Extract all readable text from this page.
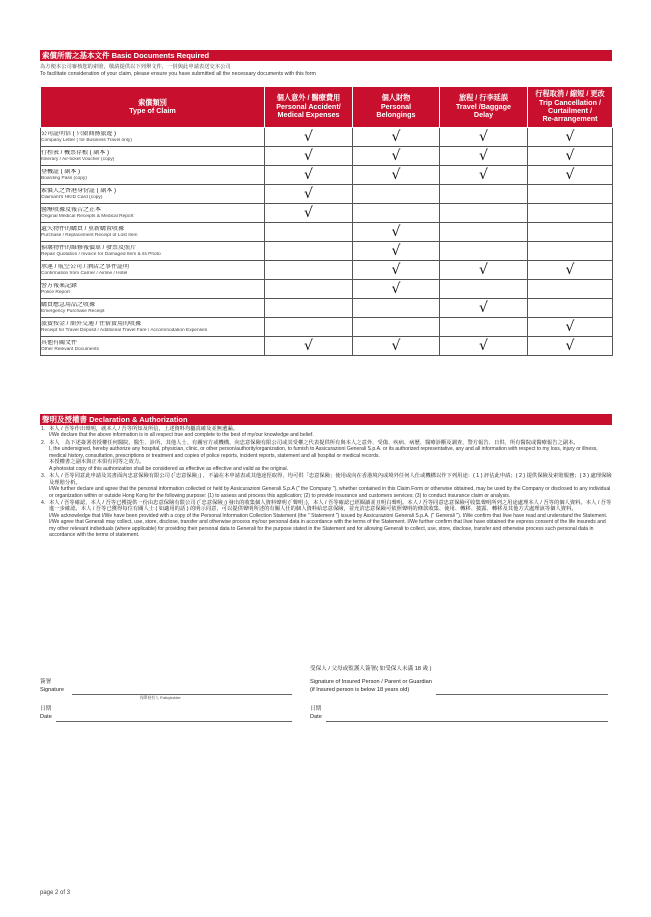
索償所需之基本文件 Basic Documents Required
為方便本公司審核您的索賠，敬請提供以下列舉文件，一併與此申請表送交本公司
To facilitate consideration of your claim, please ensure you have submitted all the necessary documents with this form
索償類別
Type of Claim	個人意外 / 醫療費用
Personal Accident/
Medical Expenses	個人財物
Personal
Belongings	旅程 / 行李延誤
Travel /Baggage
Delay	行程取消 / 縮短 / 更改
Trip Cancellation /
Curtailment /
Re-arrangement

公司証明信 ( 只限商務旅遊 )
Company Letter ( for Business Travel only)	√	√	√	√

行程表 / 機票存根 ( 副本 )
Itinerary / Air-ticket Voucher (copy)	√	√	√	√

登機証 ( 副本 )
Boarding Pass (copy)	√	√	√	√

索償人之香港身份証 ( 副本 )
Claimant's HKID Card (copy)	√			

醫療收據及報告之正本
Original Medical Receipts & Medical Report	√			

遺失物件的購買 / 重新購置收據
Purchase / Replacement Receipt of Lost Item		√		

損壞物件的維修報價單 / 發票及照片
Repair Quotation / Invoice for Damaged Item & its Photo		√		

承運 / 航空公司 / 酒店之事件証明
Confirmation from Carrier / Airline / Hotel		√	√	√

警方報案記錄
Police Report		√		

購買應急用品之收據
Emergency Purchase Receipt			√	

旅費按金 / 額外交通 / 住宿費用的收據
Receipt for Travel Deposit / Additional Travel Fare / Accommodation Expenses				√

其他有關文件
Other Relevant Documents	√	√	√	√
聲明及授權書 Declaration & Authorization
1. 本人 / 吾等作出聲明，就本人 / 吾等所知及所信，上述資料均屬真確及並無遺漏。
I/We declare that the above information is in all respect true and complete to the best of my/our knowledge and belief.
2. 本人　為下述簽署者授權任何醫院、醫生、診所、其他人士、有關官方或機構，向忠意保險有限公司或其受權之代表提供所有與本人之意外、受傷、疾病、病歷、醫療診斷及調查、警方報告、日供、所有醫院或醫療報告之副本。
I, the undersigned, hereby authorize any hospital, physician, clinic, or other person/authority/organization, to furnish to Assicurazioni Generali S.p.A. or its authorized representative, any and all information with respect to my loss, injury or illness, medical history, consultation, prescriptions or treatment and copies of police reports, incident reports, statement and all hospital or medical records.
本授權書之副本與正本俱有同等之效力。
A photostat copy of this authorization shall be considered as effective as effective and valid as the original.
3. 本人 / 吾等同意此申請及其書面內忠意保險有限公司 (「忠意保險」) ，不論在本申請表或其他途徑取得，均可供「忠意保險」使用或向在香港境內或境外任何人仕或機構以作下列用途：( 1 ) 評估此申請；( 2 ) 提供保險及索賠服務；( 3 ) 處理保險及理賠分析。
I/We further declare and agree that the personal information collected or held by Assicurazioni Generali S.p.A (" the Company "), whether contained in this Claim Form or otherwise obtained, may be used by the Company or disclosed to any individual or organization within or outside Hong Kong for the following purpose: (1) to assess and process this application; (2) to provide insurance and customers services; (3) to conduct insurance claim or analysis.
4. 本人 / 吾等確認，本人 / 吾等已獲提供一份由忠意保險有限公司 (「忠意保險」) 發出的收集個人資料聲明 (「聲明」)，本人 / 吾等確認已經閱讀並且明白聲明。本人 / 吾等同意忠意保險可收集聲明所列之用途處理本人 / 吾等的個人資料。本人 / 吾等進一步確認，本人 / 吾等已獲得每位有關人士 ( 如適用的話 ) 的明示同意，可以提供聲明所述的有關人仕的個人資料給忠意保險，並允許忠意保險可依照聲明的條款收集、使用、轉移、披露、轉移及其他方式處理該等個人資料。
I/We acknowledge that I/We have been provided with a copy of the Personal Information Collection Statement (the " Statement ") issued by Assicurazioni Generali S.p.A. (" Generali "). I/We confirm that I/we have read and understand the Statement. I/We agree that Generali may collect, use, store, disclose, transfer and otherwise process my/our personal data in accordance with the terms of the Statement. I/We further confirm that I/we have obtained the express consent of the life insureds and my other relevant individuals (where applicable) for providing their personal data to Generali for the purpose stated in the Statement and for allowing Generali to collect, use, store, disclose, transfer and otherwise process such personal data in accordance with the terms of statement.
受保人 / 父母或監護人簽署( 如受保人未滿 18 歲 )
簽署	Signature of Insured Person / Parent or Guardian
Signature	(if Insured person is below 18 years old)
保單持有人 Policyholder
日期	日期
Date	Date
page 2 of 3
